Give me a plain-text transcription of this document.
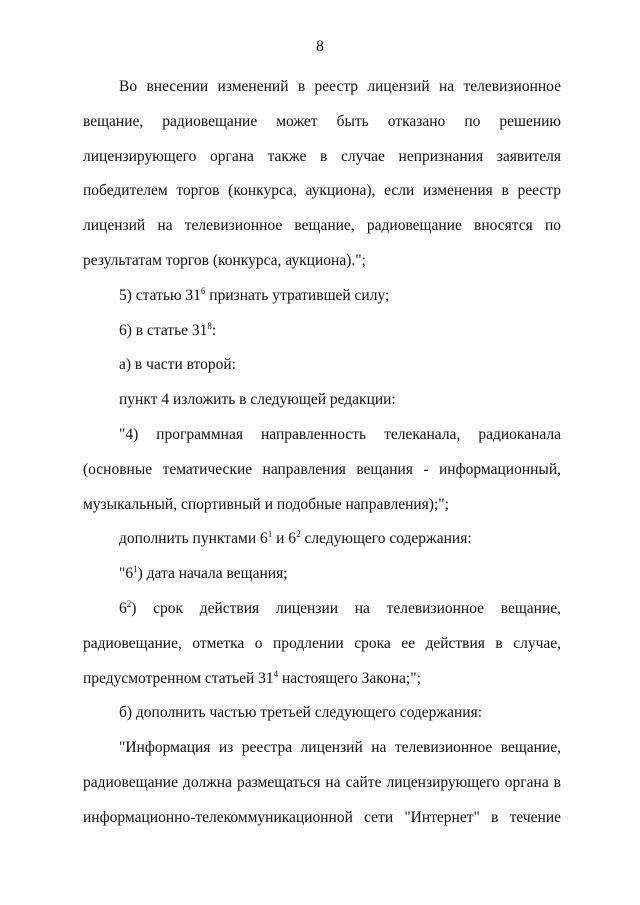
8

Во внесении изменений в реестр лицензий на телевизионное вещание, радиовещание может быть отказано по решению лицензирующего органа также в случае непризнания заявителя победителем торгов (конкурса, аукциона), если изменения в реестр лицензий на телевизионное вещание, радиовещание вносятся по результатам торгов (конкурса, аукциона).";

5) статью $31^6$ признать утратившей силу;

6) в статье $31^8$:

а) в части второй:

пункт 4 изложить в следующей редакции:

"4) программная направленность телеканала, радиоканала (основные тематические направления вещания - информационный, музыкальный, спортивный и подобные направления);";

дополнить пунктами $6^1$ и $6^2$ следующего содержания:

"$6^1$) дата начала вещания;

$6^2$) срок действия лицензии на телевизионное вещание, радиовещание, отметка о продлении срока ее действия в случае, предусмотренном статьей $31^4$ настоящего Закона;";

б) дополнить частью третьей следующего содержания:

"Информация из реестра лицензий на телевизионное вещание, радиовещание должна размещаться на сайте лицензирующего органа в информационно-телекоммуникационной сети "Интернет" в течение
